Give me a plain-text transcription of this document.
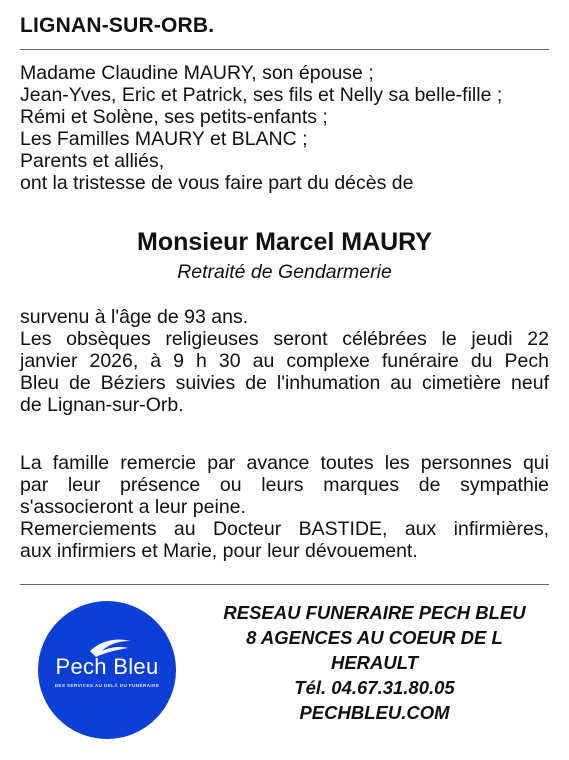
LIGNAN-SUR-ORB.
Madame Claudine MAURY, son épouse ;
Jean-Yves, Eric et Patrick, ses fils et Nelly sa belle-fille ;
Rémi et Solène, ses petits-enfants ;
Les Familles MAURY et BLANC ;
Parents et alliés,
ont la tristesse de vous faire part du décès de
Monsieur Marcel MAURY
Retraité de Gendarmerie
survenu à l'âge de 93 ans.
Les obsèques religieuses seront célébrées le jeudi 22
janvier 2026, à 9 h 30 au complexe funéraire du Pech
Bleu de Béziers suivies de l'inhumation au cimetière neuf
de Lignan-sur-Orb.
La famille remercie par avance toutes les personnes qui
par leur présence ou leurs marques de sympathie
s'associeront a leur peine.
Remerciements au Docteur BASTIDE, aux infirmières,
aux infirmiers et Marie, pour leur dévouement.
Pech Bleu
DES SERVICES AU DELÀ DU FUNÉRAIRE
RESEAU FUNERAIRE PECH BLEU
8 AGENCES AU COEUR DE L
HERAULT
Tél. 04.67.31.80.05
PECHBLEU.COM
